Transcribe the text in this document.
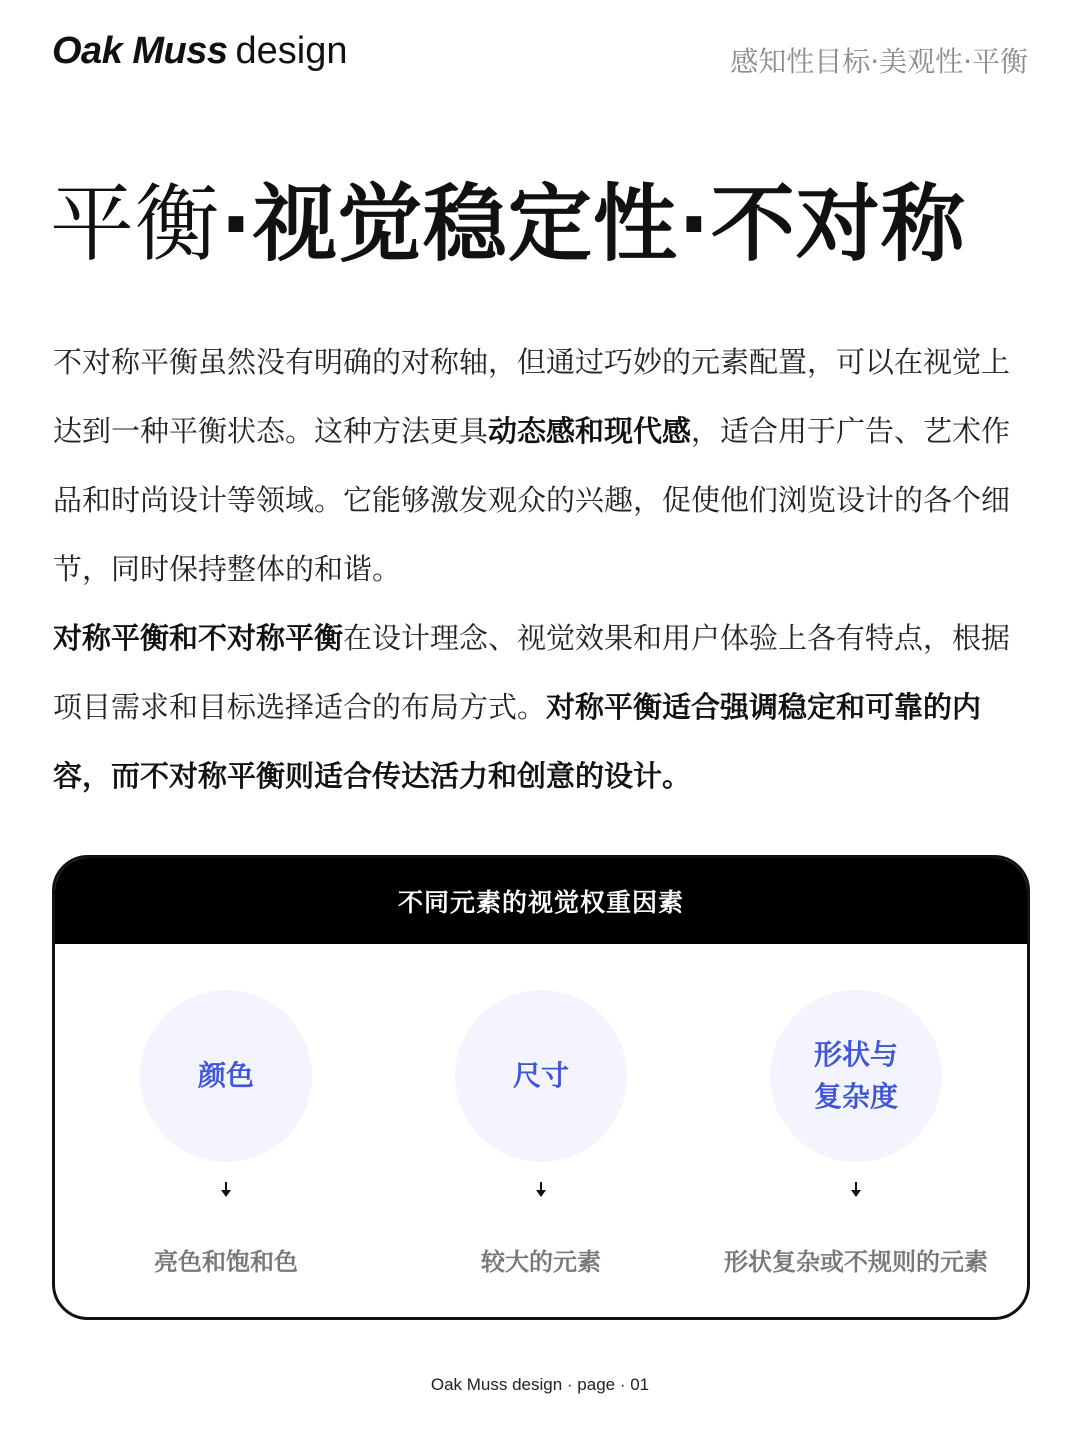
Oak Muss design	感知性目标·美观性·平衡
平衡·视觉稳定性·不对称

不对称平衡虽然没有明确的对称轴，但通过巧妙的元素配置，可以在视觉上达到一种平衡状态。这种方法更具动态感和现代感，适合用于广告、艺术作品和时尚设计等领域。它能够激发观众的兴趣，促使他们浏览设计的各个细节，同时保持整体的和谐。

对称平衡和不对称平衡在设计理念、视觉效果和用户体验上各有特点，根据项目需求和目标选择适合的布局方式。对称平衡适合强调稳定和可靠的内容，而不对称平衡则适合传达活力和创意的设计。

不同元素的视觉权重因素
颜色
亮色和饱和色
尺寸
较大的元素
形状与复杂度
形状复杂或不规则的元素
Oak Muss design · page · 01
